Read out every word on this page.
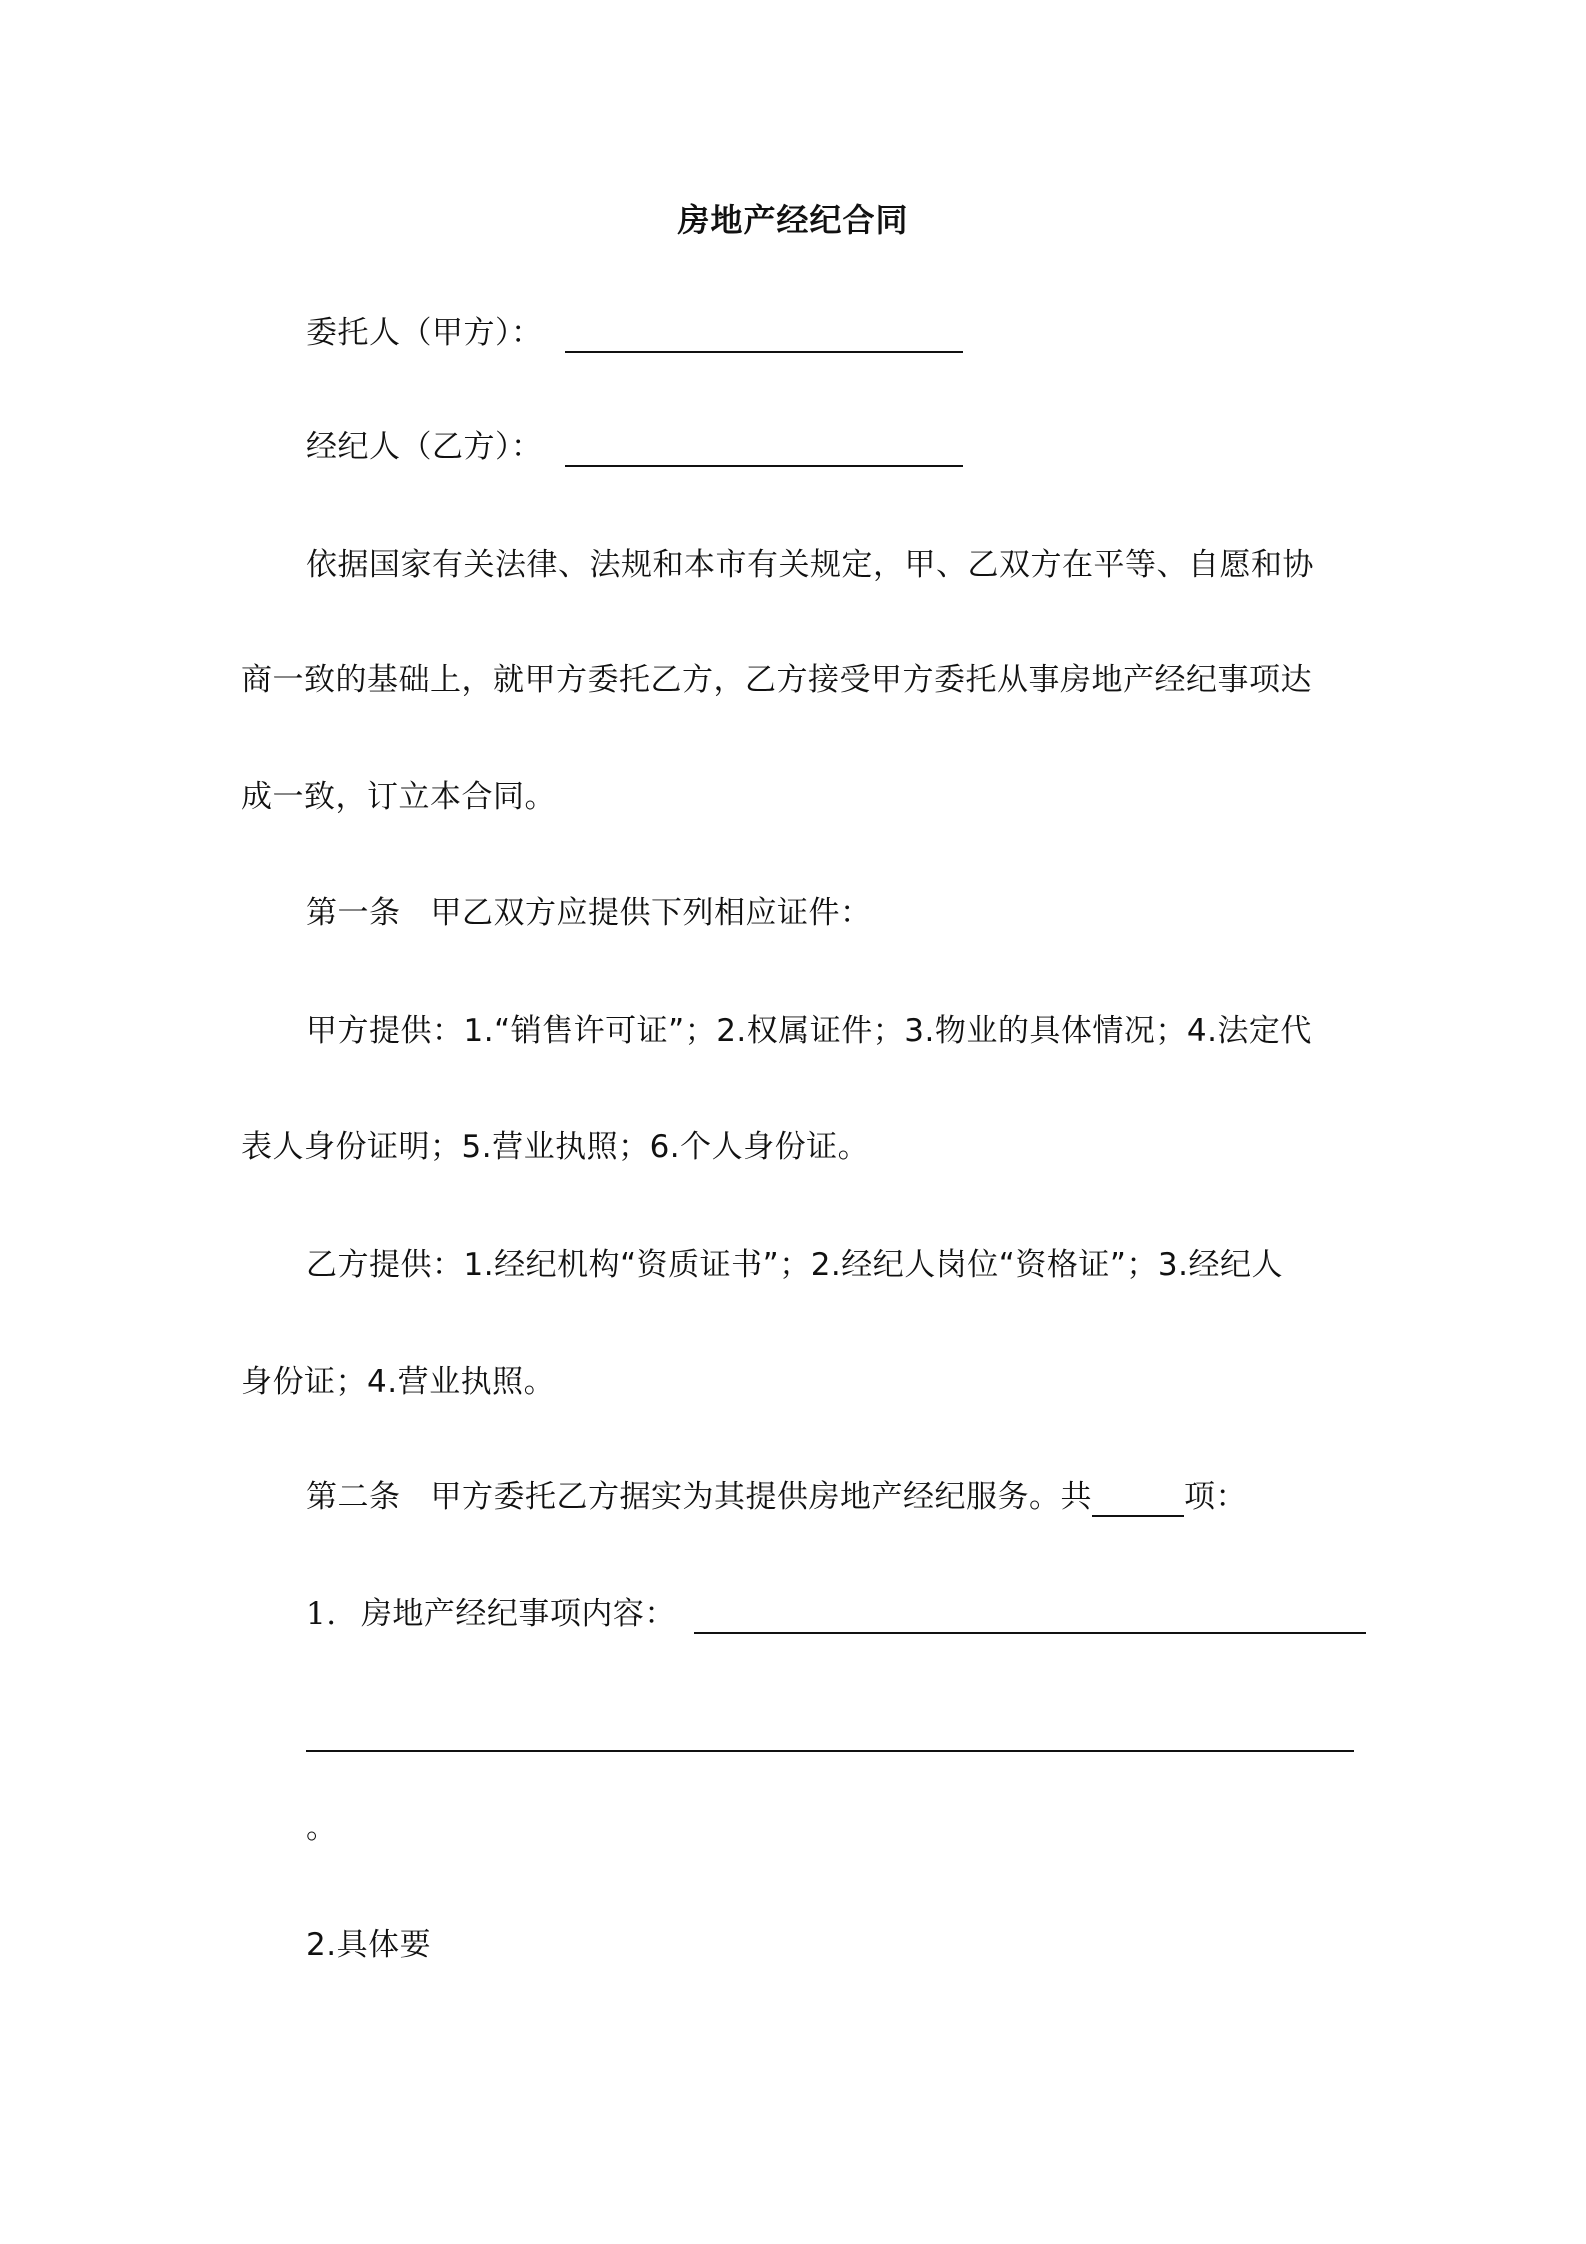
房地产经纪合同
委托人（甲方）：
经纪人（乙方）：
依据国家有关法律、法规和本市有关规定，甲、乙双方在平等、自愿和协
商一致的基础上，就甲方委托乙方，乙方接受甲方委托从事房地产经纪事项达
成一致，订立本合同。
第一条 甲乙双方应提供下列相应证件：
甲方提供：1.“销售许可证”；2.权属证件；3.物业的具体情况；4.法定代
表人身份证明；5.营业执照；6.个人身份证。
乙方提供：1.经纪机构“资质证书”；2.经纪人岗位“资格证”；3.经纪人
身份证；4.营业执照。
第二条 甲方委托乙方据实为其提供房地产经纪服务。共	项：
1. 房地产经纪事项内容：
。
2.具体要
